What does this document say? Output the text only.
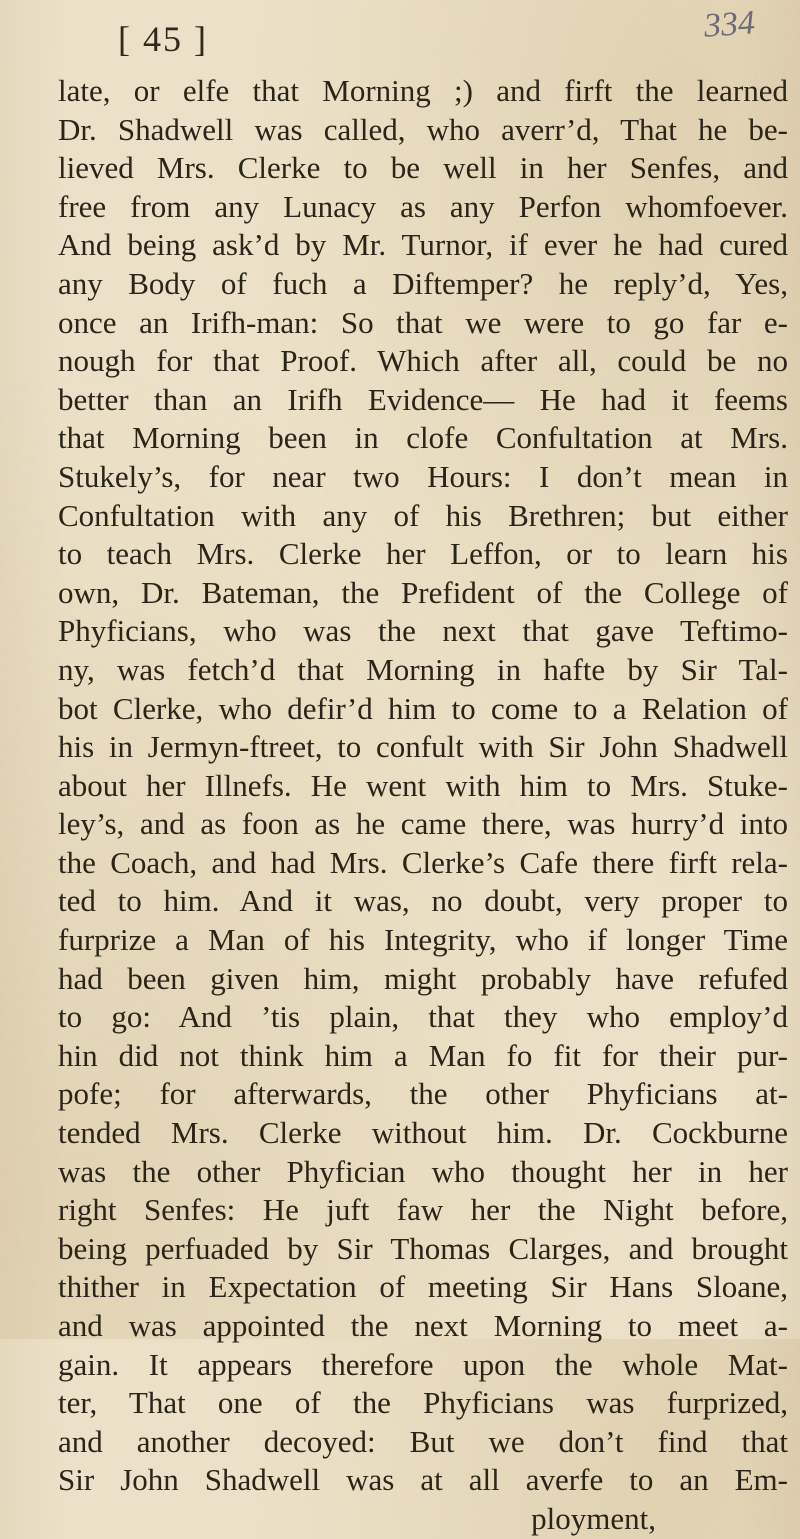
[ 45 ]	334
late, or elfe that Morning ;) and firft the learned
Dr. Shadwell was called, who averr’d, That he be-
lieved Mrs. Clerke to be well in her Senfes, and
free from any Lunacy as any Perfon whomfoever.
And being ask’d by Mr. Turnor, if ever he had cured
any Body of fuch a Diftemper? he reply’d, Yes,
once an Irifh-man: So that we were to go far e-
nough for that Proof. Which after all, could be no
better than an Irifh Evidence— He had it feems
that Morning been in clofe Confultation at Mrs.
Stukely’s, for near two Hours: I don’t mean in
Confultation with any of his Brethren; but either
to teach Mrs. Clerke her Leffon, or to learn his
own, Dr. Bateman, the Prefident of the College of
Phyficians, who was the next that gave Teftimo-
ny, was fetch’d that Morning in hafte by Sir Tal-
bot Clerke, who defir’d him to come to a Relation of
his in Jermyn-ftreet, to confult with Sir John Shadwell
about her Illnefs. He went with him to Mrs. Stuke-
ley’s, and as foon as he came there, was hurry’d into
the Coach, and had Mrs. Clerke’s Cafe there firft rela-
ted to him. And it was, no doubt, very proper to
furprize a Man of his Integrity, who if longer Time
had been given him, might probably have refufed
to go: And ’tis plain, that they who employ’d
hin did not think him a Man fo fit for their pur-
pofe; for afterwards, the other Phyficians at-
tended Mrs. Clerke without him. Dr. Cockburne
was the other Phyfician who thought her in her
right Senfes: He juft faw her the Night before,
being perfuaded by Sir Thomas Clarges, and brought
thither in Expectation of meeting Sir Hans Sloane,
and was appointed the next Morning to meet a-
gain. It appears therefore upon the whole Mat-
ter, That one of the Phyficians was furprized,
and another decoyed: But we don’t find that
Sir John Shadwell was at all averfe to an Em-
ployment,
